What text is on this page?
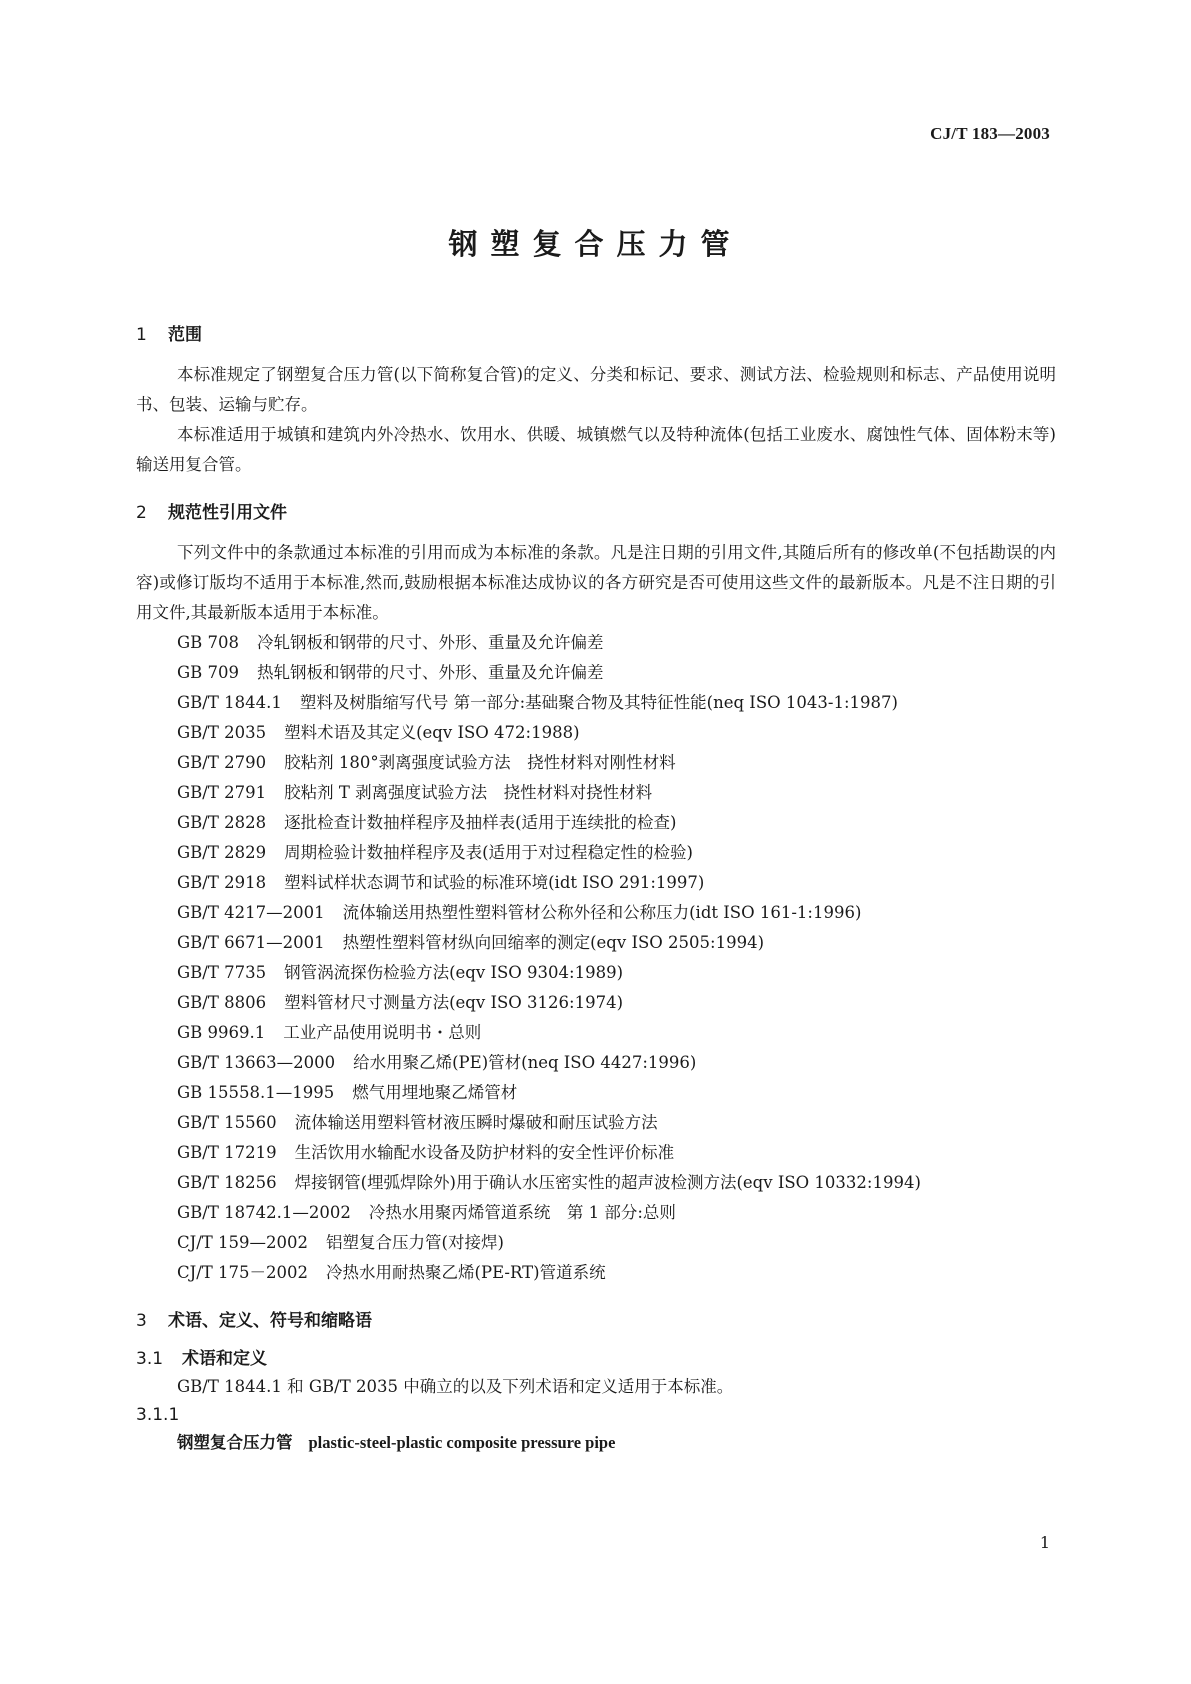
CJ/T 183—2003
钢塑复合压力管
1 范围

本标准规定了钢塑复合压力管(以下简称复合管)的定义、分类和标记、要求、测试方法、检验规则和标志、产品使用说明书、包装、运输与贮存。

本标准适用于城镇和建筑内外冷热水、饮用水、供暖、城镇燃气以及特种流体(包括工业废水、腐蚀性气体、固体粉末等)输送用复合管。

2 规范性引用文件

下列文件中的条款通过本标准的引用而成为本标准的条款。凡是注日期的引用文件,其随后所有的修改单(不包括勘误的内容)或修订版均不适用于本标准,然而,鼓励根据本标准达成协议的各方研究是否可使用这些文件的最新版本。凡是不注日期的引用文件,其最新版本适用于本标准。

GB 708 冷轧钢板和钢带的尺寸、外形、重量及允许偏差
GB 709 热轧钢板和钢带的尺寸、外形、重量及允许偏差
GB/T 1844.1 塑料及树脂缩写代号 第一部分:基础聚合物及其特征性能(neq ISO 1043-1:1987)
GB/T 2035 塑料术语及其定义(eqv ISO 472:1988)
GB/T 2790 胶粘剂 180°剥离强度试验方法　挠性材料对刚性材料
GB/T 2791 胶粘剂 T 剥离强度试验方法　挠性材料对挠性材料
GB/T 2828 逐批检查计数抽样程序及抽样表(适用于连续批的检查)
GB/T 2829 周期检验计数抽样程序及表(适用于对过程稳定性的检验)
GB/T 2918 塑料试样状态调节和试验的标准环境(idt ISO 291:1997)
GB/T 4217—2001 流体输送用热塑性塑料管材公称外径和公称压力(idt ISO 161-1:1996)
GB/T 6671—2001 热塑性塑料管材纵向回缩率的测定(eqv ISO 2505:1994)
GB/T 7735 钢管涡流探伤检验方法(eqv ISO 9304:1989)
GB/T 8806 塑料管材尺寸测量方法(eqv ISO 3126:1974)
GB 9969.1 工业产品使用说明书・总则
GB/T 13663—2000 给水用聚乙烯(PE)管材(neq ISO 4427:1996)
GB 15558.1—1995 燃气用埋地聚乙烯管材
GB/T 15560 流体输送用塑料管材液压瞬时爆破和耐压试验方法
GB/T 17219 生活饮用水输配水设备及防护材料的安全性评价标准
GB/T 18256 焊接钢管(埋弧焊除外)用于确认水压密实性的超声波检测方法(eqv ISO 10332:1994)
GB/T 18742.1—2002 冷热水用聚丙烯管道系统　第 1 部分:总则
CJ/T 159—2002 铝塑复合压力管(对接焊)
CJ/T 175－2002 冷热水用耐热聚乙烯(PE-RT)管道系统
3 术语、定义、符号和缩略语
3.1 术语和定义

GB/T 1844.1 和 GB/T 2035 中确立的以及下列术语和定义适用于本标准。

3.1.1

钢塑复合压力管 plastic-steel-plastic composite pressure pipe

1
